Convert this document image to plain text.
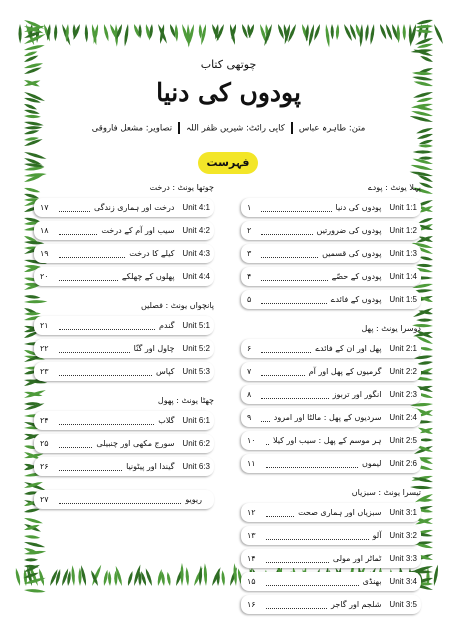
چوتھی کتاب
پودوں کی دنیا
متن: طاہرہ عباسکاپی رائٹ: شیریں ظفر اللہتصاویر: مشعل فاروقی
فہرست
پہلا یونٹ : پودے
Unit 1:1
پودوں کی دنیا
۱
Unit 1:2
پودوں کی ضرورتیں
۲
Unit 1:3
پودوں کی قسمیں
۳
Unit 1:4
پودوں کے حصّے
۴
Unit 1:5
پودوں کے فائدے
۵
دوسرا یونٹ : پھل
Unit 2:1
پھل اور ان کے فائدے
۶
Unit 2:2
گرمیوں کے پھل اور آم
۷
Unit 2:3
انگور اور تربوز
۸
Unit 2:4
سردیوں کے پھل : مالٹا اور امرود
۹
Unit 2:5
ہر موسم کے پھل : سیب اور کیلا
۱۰
Unit 2:6
لیموں
۱۱
تیسرا یونٹ : سبزیاں
Unit 3:1
سبزیاں اور ہماری صحت
۱۲
Unit 3:2
آلو
۱۳
Unit 3:3
ٹماٹر اور مولی
۱۴
Unit 3:4
بھنڈی
۱۵
Unit 3:5
شلجم اور گاجر
۱۶
چوتھا یونٹ : درخت
Unit 4:1
درخت اور ہماری زندگی
۱۷
Unit 4:2
سیب اور آم کے درخت
۱۸
Unit 4:3
کیلے کا درخت
۱۹
Unit 4:4
پھلوں کے چھلکے
۲۰
پانچواں یونٹ : فصلیں
Unit 5:1
گندم
۲۱
Unit 5:2
چاول اور گنّا
۲۲
Unit 5:3
کپاس
۲۳
چھٹا یونٹ : پھول
Unit 6:1
گلاب
۲۴
Unit 6:2
سورج مکھی اور چنبیلی
۲۵
Unit 6:3
گیندا اور پیٹونیا
۲۶
ریویو
۲۷
